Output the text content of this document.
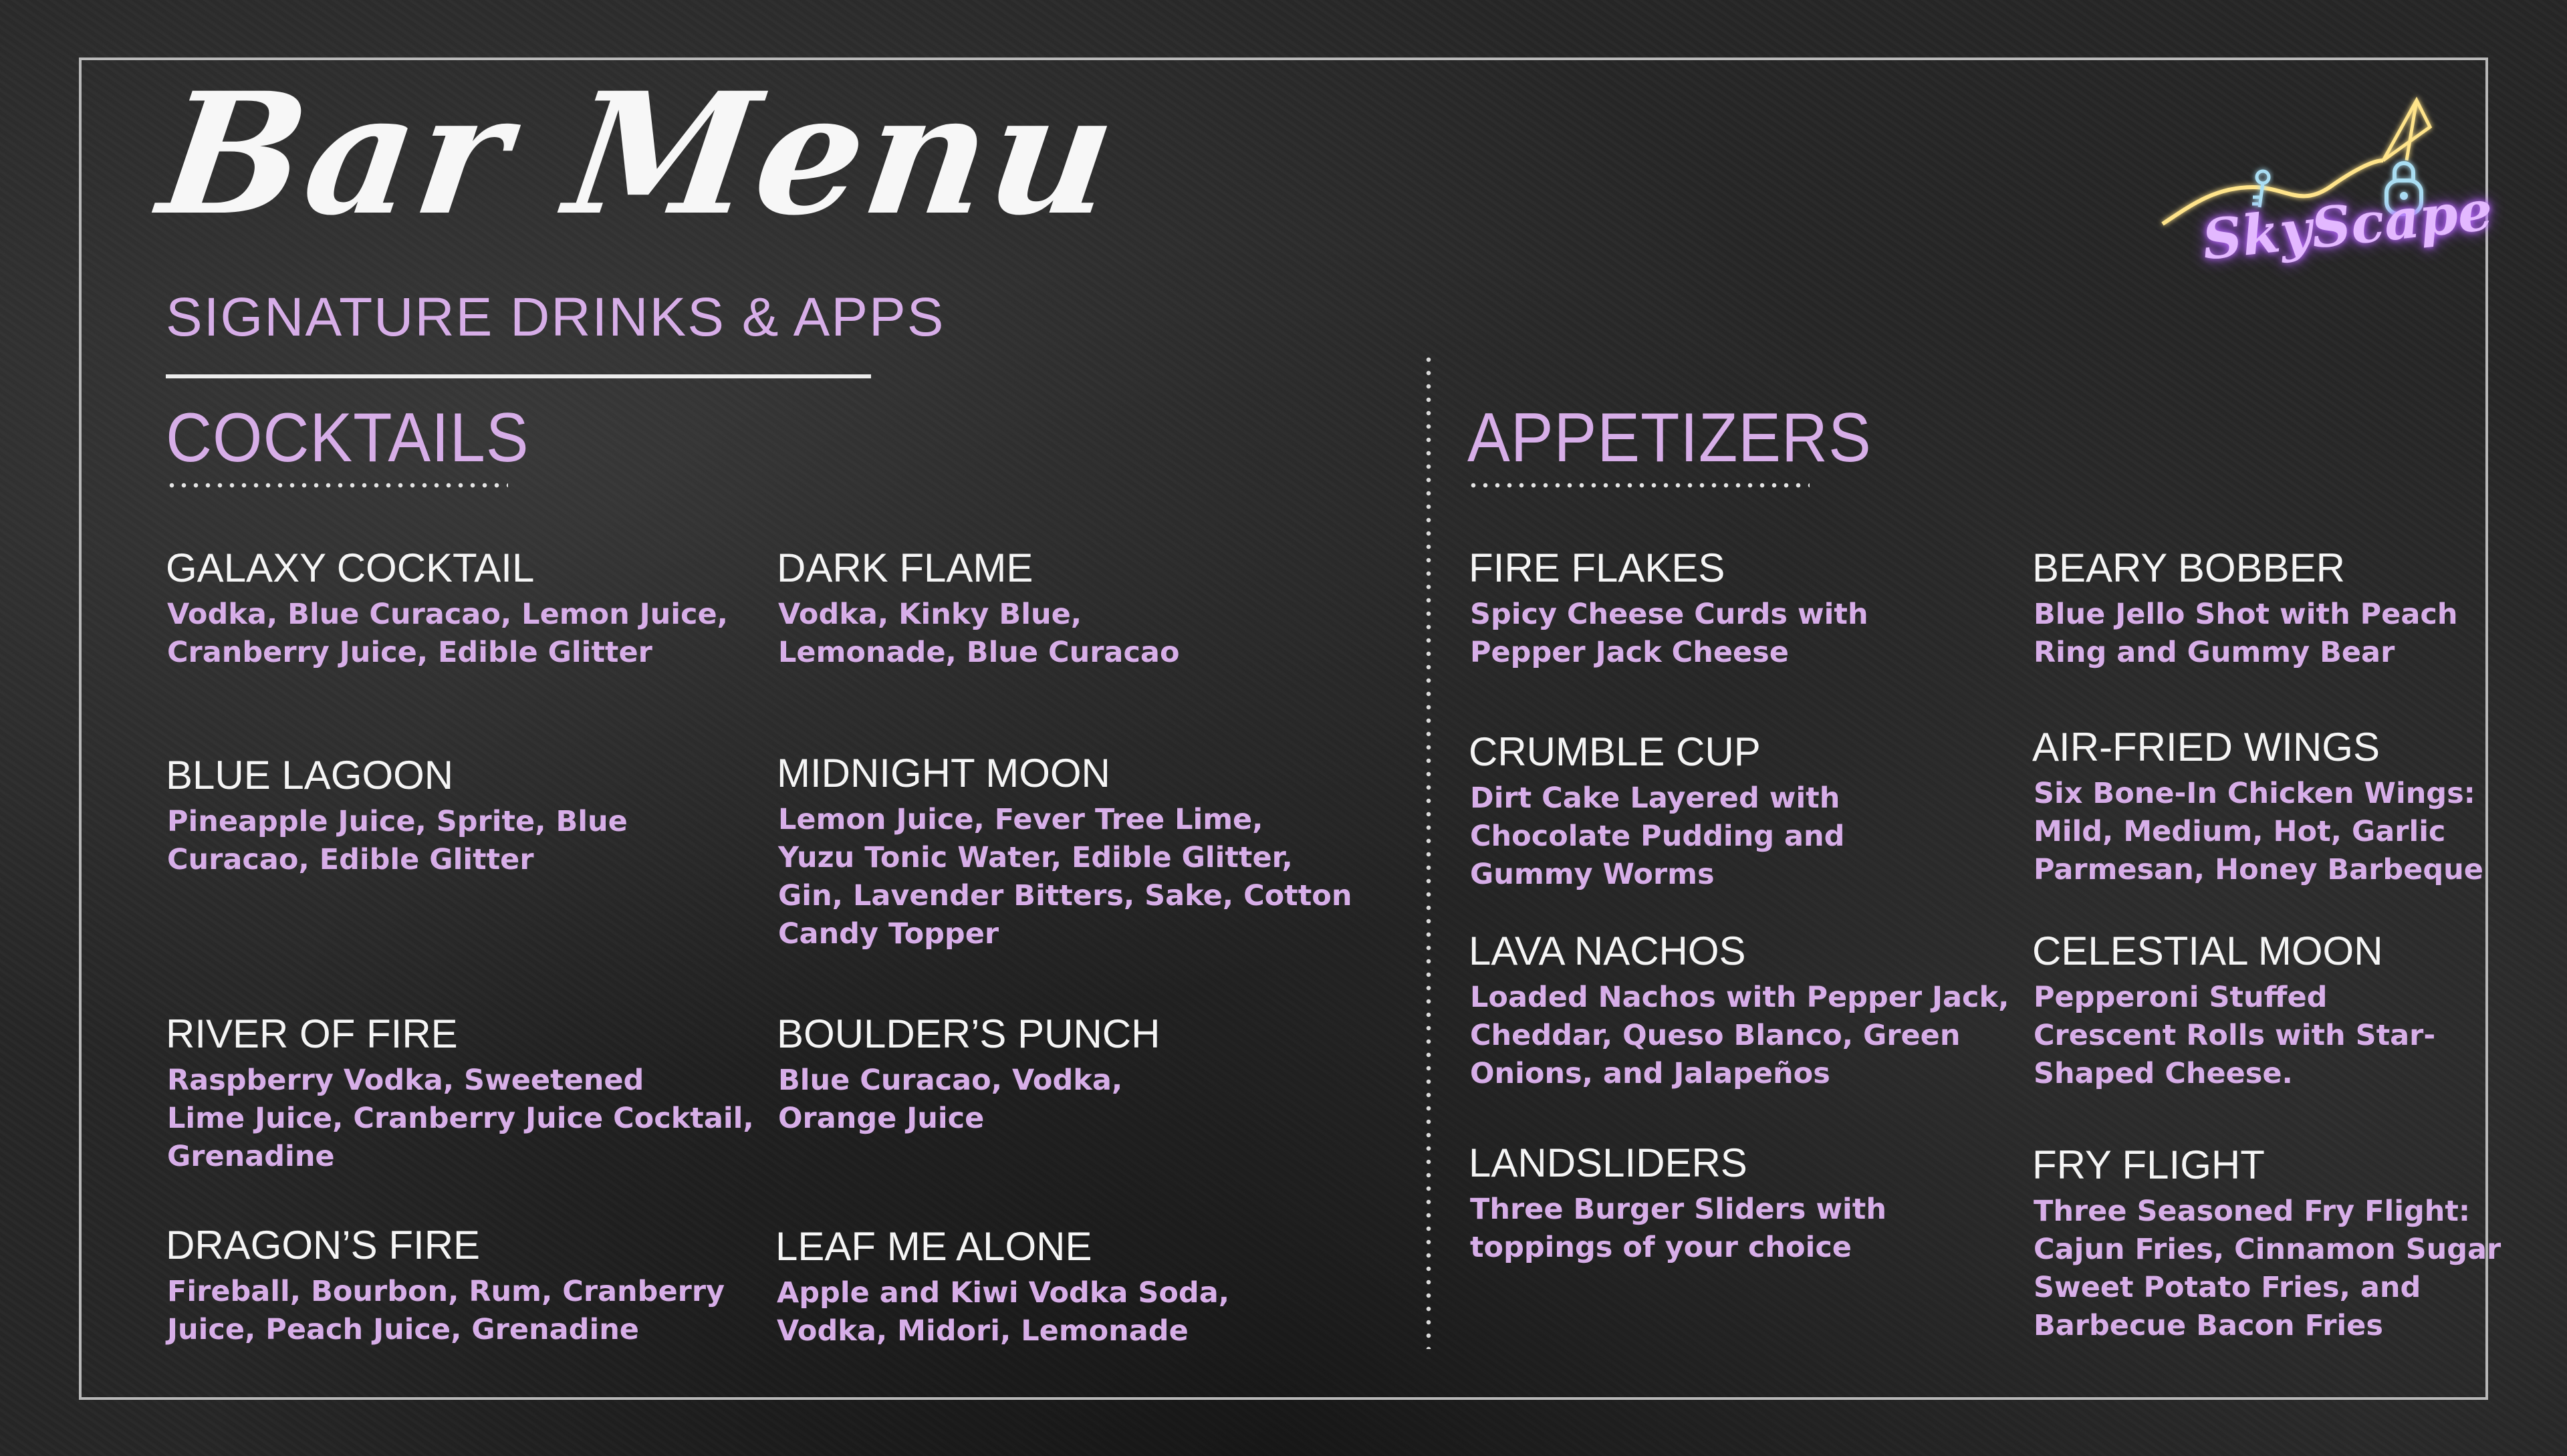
Bar Menu
SIGNATURE DRINKS & APPS
SkyScape
COCKTAILS	APPETIZERS
GALAXY COCKTAIL
Vodka, Blue Curacao, Lemon Juice,
Cranberry Juice, Edible Glitter
DARK FLAME
Vodka, Kinky Blue,
Lemonade, Blue Curacao
BLUE LAGOON
Pineapple Juice, Sprite, Blue
Curacao, Edible Glitter
MIDNIGHT MOON
Lemon Juice, Fever Tree Lime,
Yuzu Tonic Water, Edible Glitter,
Gin, Lavender Bitters, Sake, Cotton
Candy Topper
RIVER OF FIRE
Raspberry Vodka, Sweetened
Lime Juice, Cranberry Juice Cocktail,
Grenadine
BOULDER’S PUNCH
Blue Curacao, Vodka,
Orange Juice
DRAGON’S FIRE
Fireball, Bourbon, Rum, Cranberry
Juice, Peach Juice, Grenadine
LEAF ME ALONE
Apple and Kiwi Vodka Soda,
Vodka, Midori, Lemonade
FIRE FLAKES
Spicy Cheese Curds with
Pepper Jack Cheese
BEARY BOBBER
Blue Jello Shot with Peach
Ring and Gummy Bear
CRUMBLE CUP
Dirt Cake Layered with
Chocolate Pudding and
Gummy Worms
AIR-FRIED WINGS
Six Bone-In Chicken Wings:
Mild, Medium, Hot, Garlic
Parmesan, Honey Barbeque
LAVA NACHOS
Loaded Nachos with Pepper Jack,
Cheddar, Queso Blanco, Green
Onions, and Jalapeños
CELESTIAL MOON
Pepperoni Stuffed
Crescent Rolls with Star-
Shaped Cheese.
LANDSLIDERS
Three Burger Sliders with
toppings of your choice
FRY FLIGHT
Three Seasoned Fry Flight:
Cajun Fries, Cinnamon Sugar
Sweet Potato Fries, and
Barbecue Bacon Fries
